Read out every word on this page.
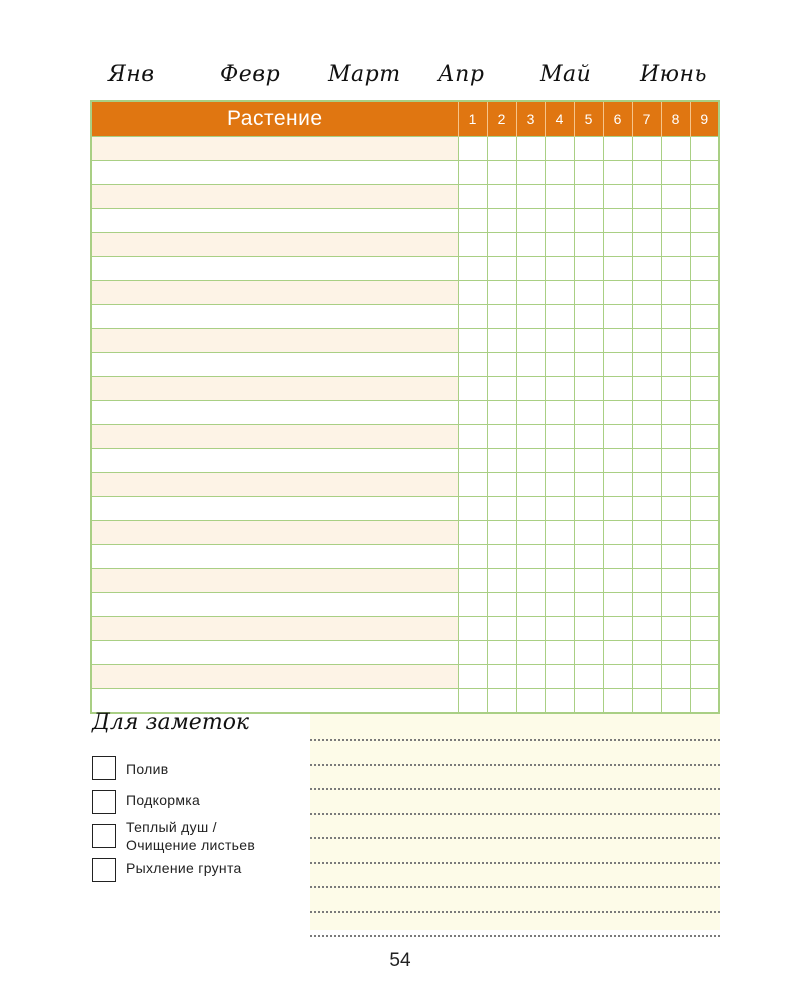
Янв	Февр Март Апр	Май Июнь
Растение	1	2	3	4	5	6	7	8	9

Для заметок
Полив
Подкормка
Теплый душ /
Очищение листьев
Рыхление грунта
54
